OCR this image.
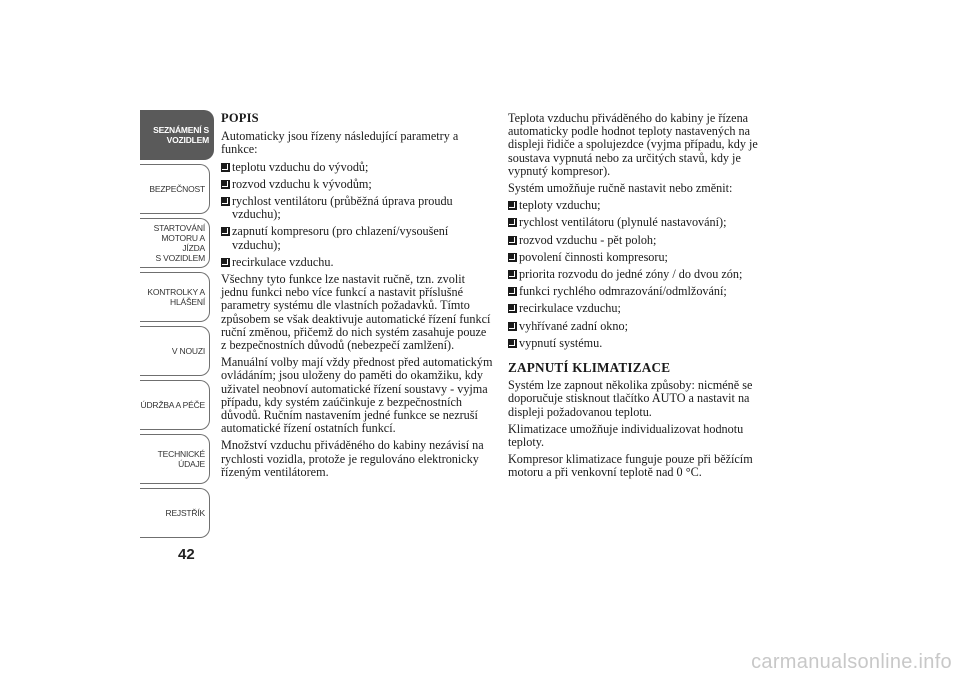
SEZNÁMENÍ S
VOZIDLEM
BEZPEČNOST
STARTOVÁNÍ
MOTORU A JÍZDA
S VOZIDLEM
KONTROLKY A
HLÁŠENÍ
V NOUZI
ÚDRŽBA A PÉČE
TECHNICKÉ
ÚDAJE
REJSTŘÍK
42
POPIS

Automaticky jsou řízeny následující parametry a funkce:

teplotu vzduchu do vývodů;
rozvod vzduchu k vývodům;
rychlost ventilátoru (průběžná úprava proudu vzduchu);
zapnutí kompresoru (pro chlazení/vysoušení vzduchu);
recirkulace vzduchu.

Všechny tyto funkce lze nastavit ručně, tzn. zvolit jednu funkci nebo více funkcí a nastavit příslušné parametry systému dle vlastních požadavků. Tímto způsobem se však deaktivuje automatické řízení funkcí ruční změnou, přičemž do nich systém zasahuje pouze z bezpečnostních důvodů (nebezpečí zamlžení).

Manuální volby mají vždy přednost před automatickým ovládáním; jsou uloženy do paměti do okamžiku, kdy uživatel neobnoví automatické řízení soustavy - vyjma případu, kdy systém zaúčinkuje z bezpečnostních důvodů. Ručním nastavením jedné funkce se nezruší automatické řízení ostatních funkcí.

Množství vzduchu přiváděného do kabiny nezávisí na rychlosti vozidla, protože je regulováno elektronicky řízeným ventilátorem.

Teplota vzduchu přiváděného do kabiny je řízena automaticky podle hodnot teploty nastavených na displeji řidiče a spolujezdce (vyjma případu, kdy je soustava vypnutá nebo za určitých stavů, kdy je vypnutý kompresor).

Systém umožňuje ručně nastavit nebo změnit:

teploty vzduchu;
rychlost ventilátoru (plynulé nastavování);
rozvod vzduchu - pět poloh;
povolení činnosti kompresoru;
priorita rozvodu do jedné zóny / do dvou zón;
funkci rychlého odmrazování/odmlžování;
recirkulace vzduchu;
vyhřívané zadní okno;
vypnutí systému.
ZAPNUTÍ KLIMATIZACE

Systém lze zapnout několika způsoby: nicméně se doporučuje stisknout tlačítko AUTO a nastavit na displeji požadovanou teplotu.

Klimatizace umožňuje individualizovat hodnotu teploty.

Kompresor klimatizace funguje pouze při běžícím motoru a při venkovní teplotě nad 0 °C.

carmanualsonline.info
